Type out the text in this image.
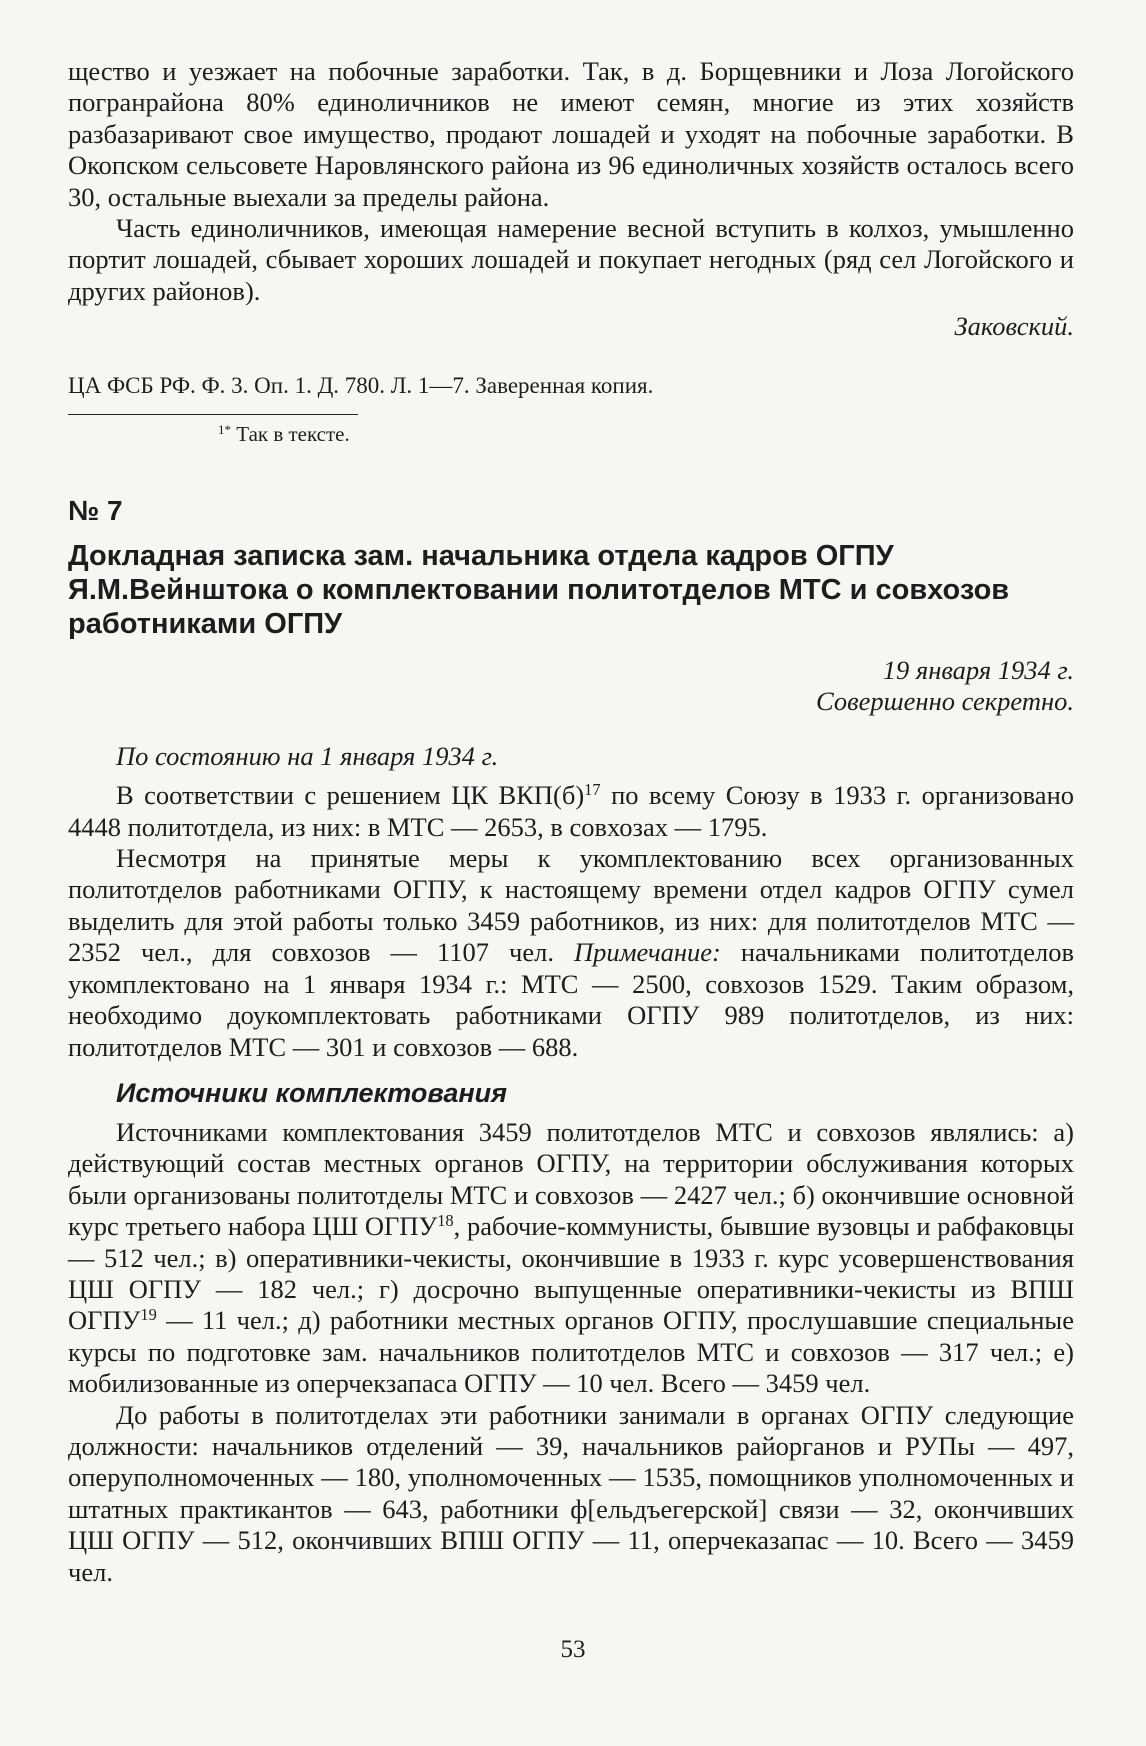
щество и уезжает на побочные заработки. Так, в д. Борщевники и Лоза Логойского погранрайона 80% единоличников не имеют семян, многие из этих хозяйств разбазаривают свое имущество, продают лошадей и уходят на побочные заработки. В Окопском сельсовете Наровлянского района из 96 единоличных хозяйств осталось всего 30, остальные выехали за пределы района.

Часть единоличников, имеющая намерение весной вступить в колхоз, умышленно портит лошадей, сбывает хороших лошадей и покупает негодных (ряд сел Логойского и других районов).

Заковский.

ЦА ФСБ РФ. Ф. 3. Оп. 1. Д. 780. Л. 1—7. Заверенная копия.

$^{1*}$ Так в тексте.

№ 7

Докладная записка зам. начальника отдела кадров ОГПУ Я.М.Вейнштока о комплектовании политотделов МТС и совхозов работниками ОГПУ

19 января 1934 г.

Совершенно секретно.

По состоянию на 1 января 1934 г.

В соответствии с решением ЦК $ВКП(б)^{17}$ по всему Союзу в 1933 г. организовано 4448 политотдела, из них: в МТС — 2653, в совхозах — 1795.

Несмотря на принятые меры к укомплектованию всех организованных политотделов работниками ОГПУ, к настоящему времени отдел кадров ОГПУ сумел выделить для этой работы только 3459 работников, из них: для политотделов МТС — 2352 чел., для совхозов — 1107 чел. Примечание: начальниками политотделов укомплектовано на 1 января 1934 г.: МТС — 2500, совхозов 1529. Таким образом, необходимо доукомплектовать работниками ОГПУ 989 политотделов, из них: политотделов МТС — 301 и совхозов — 688.

Источники комплектования

Источниками комплектования 3459 политотделов МТС и совхозов являлись: а) действующий состав местных органов ОГПУ, на территории обслуживания которых были организованы политотделы МТС и совхозов — 2427 чел.; б) окончившие основной курс третьего набора ЦШ ОГПУ$^{18}$, рабочие-коммунисты, бывшие вузовцы и рабфаковцы — 512 чел.; в) оперативники-чекисты, окончившие в 1933 г. курс усовершенствования ЦШ ОГПУ — 182 чел.; г) досрочно выпущенные оперативники-чекисты из ВПШ ОГПУ$^{19}$ — 11 чел.; д) работники местных органов ОГПУ, прослушавшие специальные курсы по подготовке зам. начальников политотделов МТС и совхозов — 317 чел.; е) мобилизованные из оперчекзапаса ОГПУ — 10 чел. Всего — 3459 чел.

До работы в политотделах эти работники занимали в органах ОГПУ следующие должности: начальников отделений — 39, начальников райорганов и РУПы — 497, оперуполномоченных — 180, уполномоченных — 1535, помощников уполномоченных и штатных практикантов — 643, работники ф[ельдъегерской] связи — 32, окончивших ЦШ ОГПУ — 512, окончивших ВПШ ОГПУ — 11, оперчеказапас — 10. Всего — 3459 чел.

53
